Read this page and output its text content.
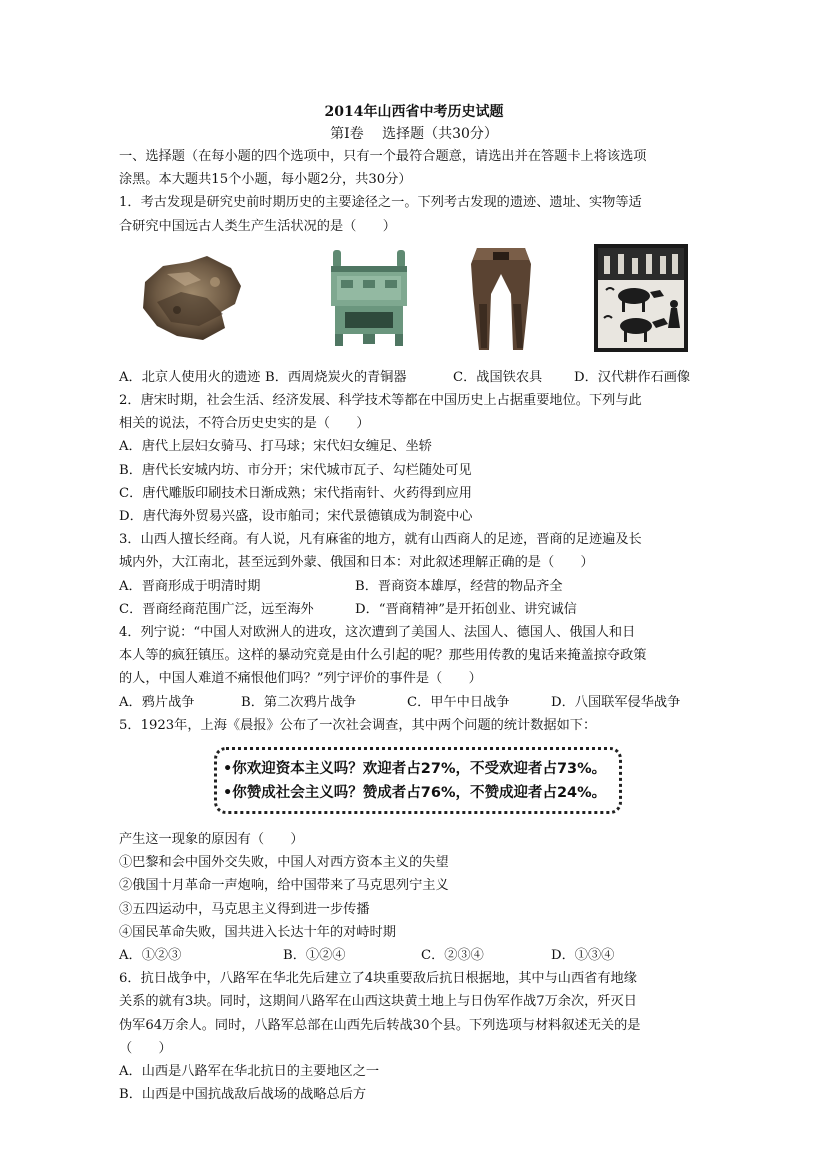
2014年山西省中考历史试题
第Ⅰ卷　 选择题（共30分）
一、选择题（在每小题的四个选项中，只有一个最符合题意，请选出并在答题卡上将该选项
涂黑。本大题共15个小题，每小题2分，共30分）
1．考古发现是研究史前时期历史的主要途径之一。下列考古发现的遗迹、遗址、实物等适
合研究中国远古人类生产生活状况的是（　　）
A．北京人使用火的遗迹 B．西周烧炭火的青铜器	C．战国铁农具	D．汉代耕作石画像
2．唐宋时期，社会生活、经济发展、科学技术等都在中国历史上占据重要地位。下列与此
相关的说法，不符合历史史实的是（　　）
A．唐代上层妇女骑马、打马球；宋代妇女缠足、坐轿
B．唐代长安城内坊、市分开；宋代城市瓦子、勾栏随处可见
C．唐代雕版印刷技术日渐成熟；宋代指南针、火药得到应用
D．唐代海外贸易兴盛，设市舶司；宋代景德镇成为制瓷中心
3．山西人擅长经商。有人说，凡有麻雀的地方，就有山西商人的足迹，晋商的足迹遍及长
城内外，大江南北，甚至远到外蒙、俄国和日本：对此叙述理解正确的是（　　）
A．晋商形成于明清时期	B．晋商资本雄厚，经营的物品齐全
C．晋商经商范围广泛，远至海外	D．“晋商精神”是开拓创业、讲究诚信
4．列宁说：“中国人对欧洲人的进攻，这次遭到了美国人、法国人、德国人、俄国人和日
本人等的疯狂镇压。这样的暴动究竟是由什么引起的呢？那些用传教的鬼话来掩盖掠夺政策
的人，中国人难道不痛恨他们吗？”列宁评价的事件是（　　）
A．鸦片战争	B．第二次鸦片战争	C．甲午中日战争	D．八国联军侵华战争
5．1923年，上海《晨报》公布了一次社会调查，其中两个问题的统计数据如下：
•你欢迎资本主义吗？欢迎者占27%，不受欢迎者占73%。
•你赞成社会主义吗？赞成者占76%，不赞成迎者占24%。
产生这一现象的原因有（　　）
①巴黎和会中国外交失败，中国人对西方资本主义的失望
②俄国十月革命一声炮响，给中国带来了马克思列宁主义
③五四运动中，马克思主义得到进一步传播
④国民革命失败，国共进入长达十年的对峙时期
A．①②③	B．①②④	C．②③④	D．①③④
6．抗日战争中，八路军在华北先后建立了4块重要敌后抗日根据地，其中与山西省有地缘
关系的就有3块。同时，这期间八路军在山西这块黄土地上与日伪军作战7万余次，歼灭日
伪军64万余人。同时，八路军总部在山西先后转战30个县。下列选项与材料叙述无关的是
（　　）
A．山西是八路军在华北抗日的主要地区之一
B．山西是中国抗战敌后战场的战略总后方
